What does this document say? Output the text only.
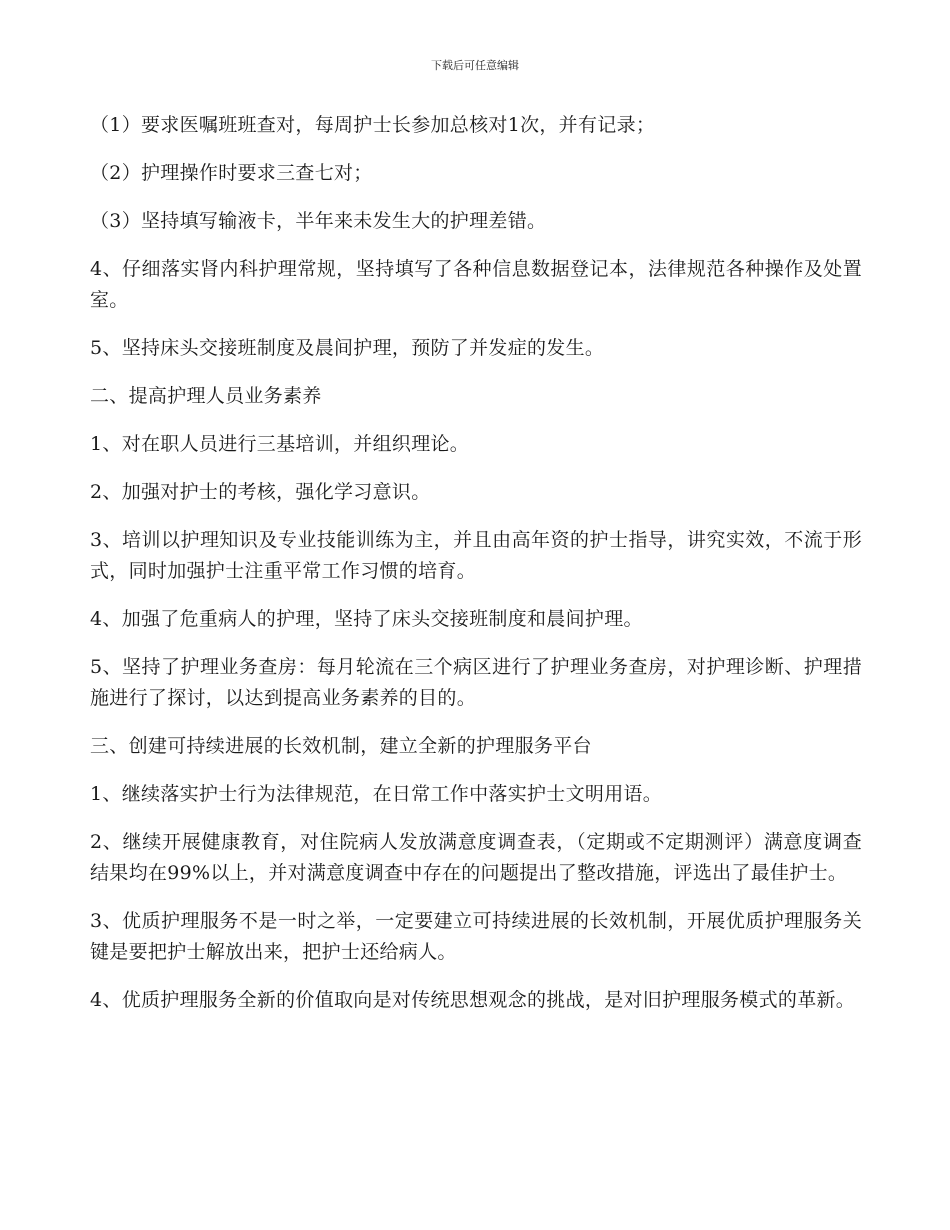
下载后可任意编辑

（1）要求医嘱班班查对，每周护士长参加总核对1次，并有记录；

（2）护理操作时要求三查七对；

（3）坚持填写输液卡，半年来未发生大的护理差错。

4、仔细落实肾内科护理常规，坚持填写了各种信息数据登记本，法律规范各种操作及处置室。

5、坚持床头交接班制度及晨间护理，预防了并发症的发生。

二、提高护理人员业务素养

1、对在职人员进行三基培训，并组织理论。

2、加强对护士的考核，强化学习意识。

3、培训以护理知识及专业技能训练为主，并且由高年资的护士指导，讲究实效，不流于形式，同时加强护士注重平常工作习惯的培育。

4、加强了危重病人的护理，坚持了床头交接班制度和晨间护理。

5、坚持了护理业务查房：每月轮流在三个病区进行了护理业务查房，对护理诊断、护理措施进行了探讨，以达到提高业务素养的目的。

三、创建可持续进展的长效机制，建立全新的护理服务平台

1、继续落实护士行为法律规范，在日常工作中落实护士文明用语。

2、继续开展健康教育，对住院病人发放满意度调查表，（定期或不定期测评）满意度调查结果均在99%以上，并对满意度调查中存在的问题提出了整改措施，评选出了最佳护士。

3、优质护理服务不是一时之举，一定要建立可持续进展的长效机制，开展优质护理服务关键是要把护士解放出来，把护士还给病人。

4、优质护理服务全新的价值取向是对传统思想观念的挑战，是对旧护理服务模式的革新。
